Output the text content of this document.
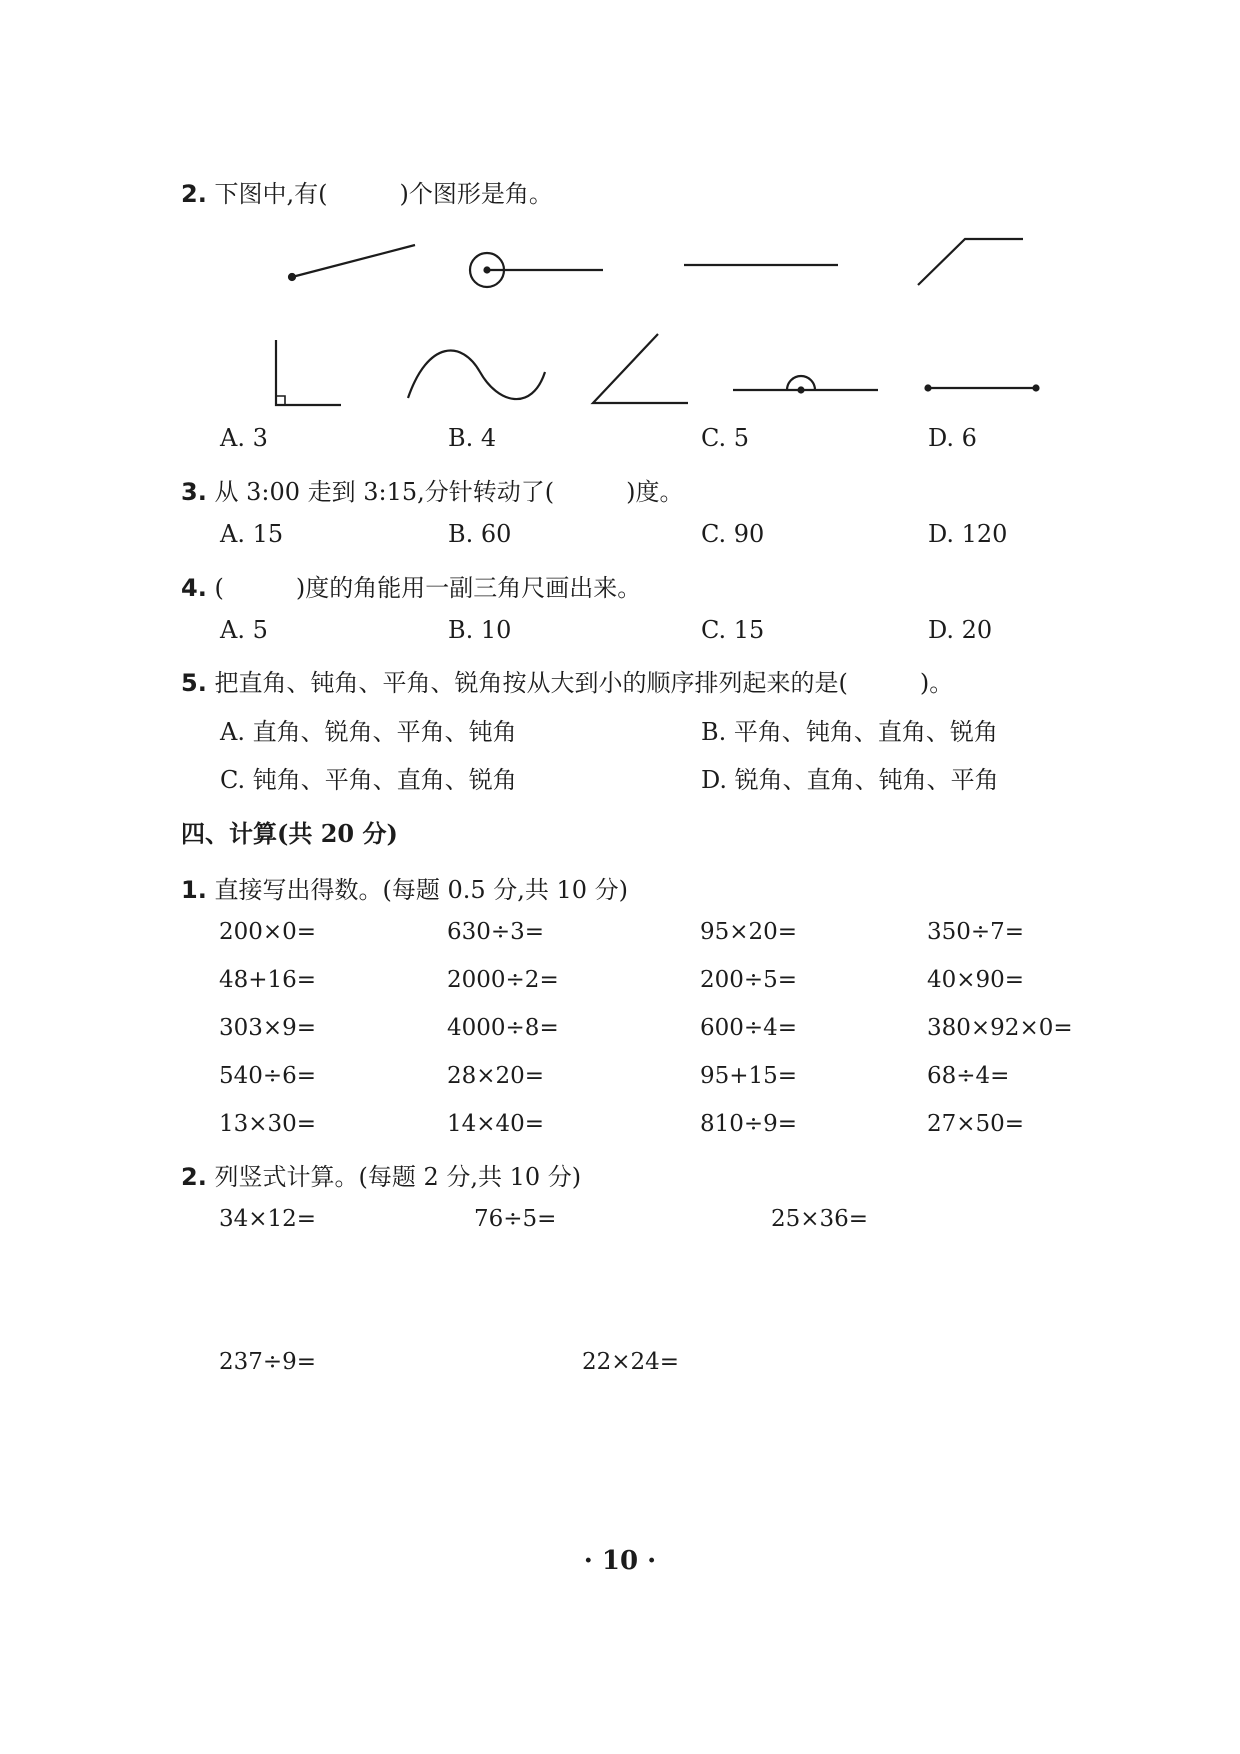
2. 下图中,有(　　　)个图形是角。
A. 3	B. 4	C. 5	D. 6
3. 从 3:00 走到 3:15,分针转动了(　　　)度。
A. 15	B. 60	C. 90	D. 120
4. (　　　)度的角能用一副三角尺画出来。
A. 5	B. 10	C. 15	D. 20
5. 把直角、钝角、平角、锐角按从大到小的顺序排列起来的是(　　　)。
A. 直角、锐角、平角、钝角	B. 平角、钝角、直角、锐角
C. 钝角、平角、直角、锐角	D. 锐角、直角、钝角、平角
四、计算(共 20 分)
1. 直接写出得数。(每题 0.5 分,共 10 分)
200×0=	630÷3=	95×20=	350÷7=
48+16=	2000÷2=	200÷5=	40×90=
303×9=	4000÷8=	600÷4=	380×92×0=
540÷6=	28×20=	95+15=	68÷4=
13×30=	14×40=	810÷9=	27×50=
2. 列竖式计算。(每题 2 分,共 10 分)
34×12=	76÷5=	25×36=
237÷9=	22×24=
· 10 ·
